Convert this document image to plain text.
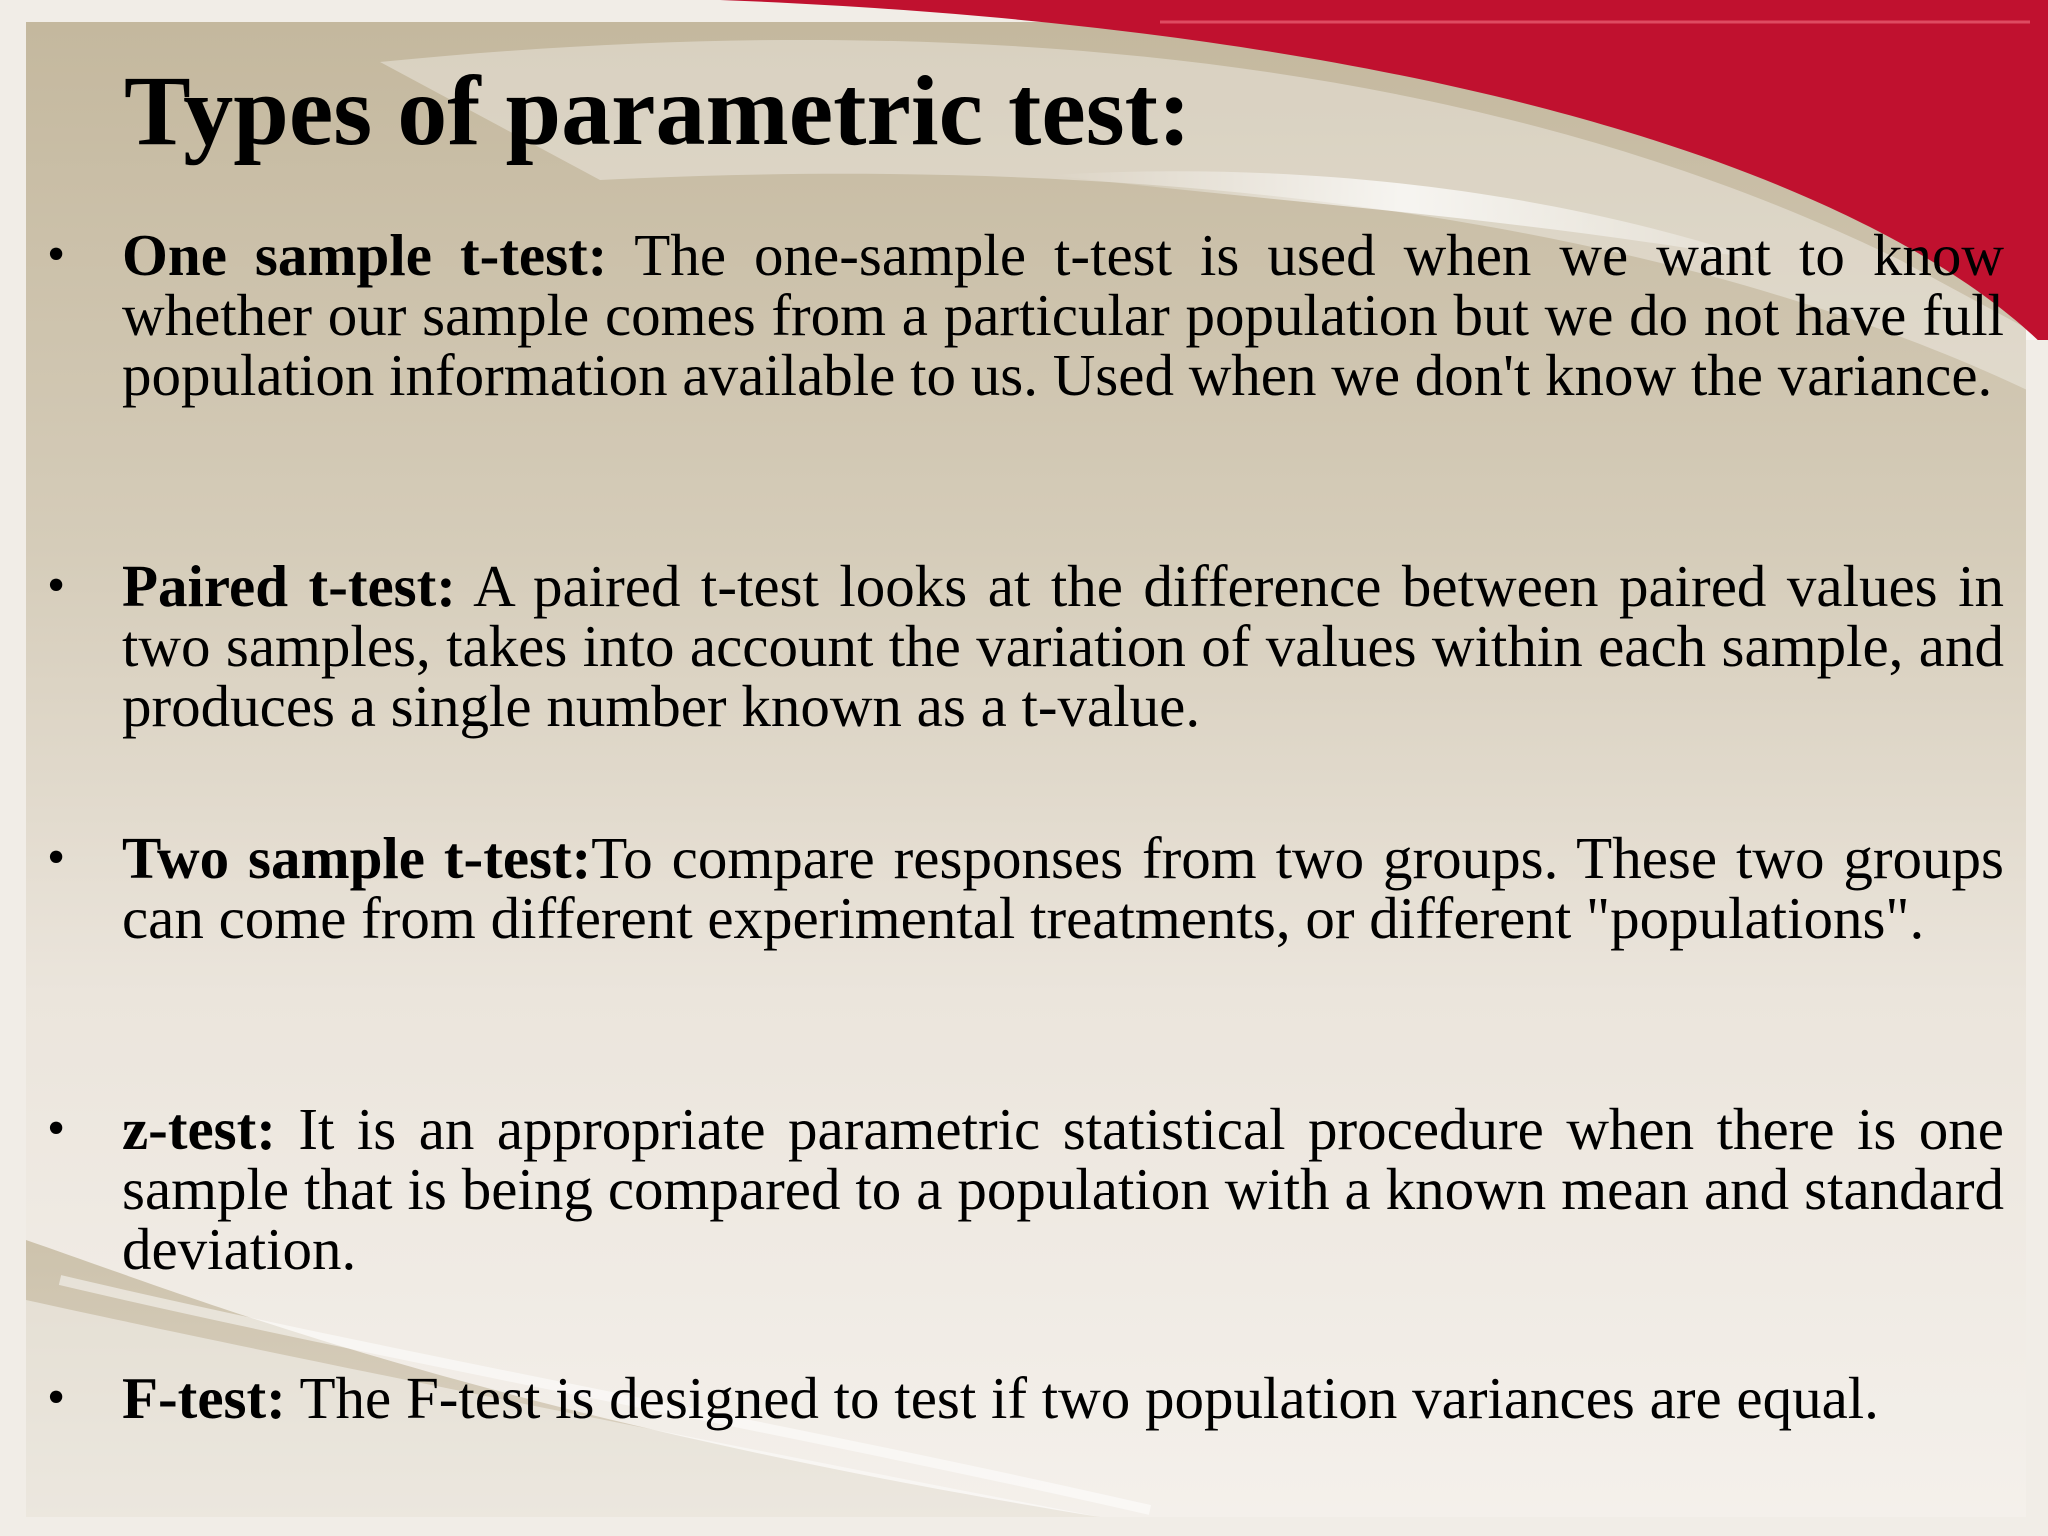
Types of parametric test:
• One sample t-test: The one-sample t-test is used when we want to know whether our sample comes from a particular population but we do not have full population information available to us. Used when we don't know the variance.
• Paired t-test: A paired t-test looks at the difference between paired values in two samples, takes into account the variation of values within each sample, and produces a single number known as a t-value.
• Two sample t-test:To compare responses from two groups. These two groups can come from different experimental treatments, or different "populations".
• z-test: It is an appropriate parametric statistical procedure when there is one sample that is being compared to a population with a known mean and standard deviation.
• F-test: The F-test is designed to test if two population variances are equal.
